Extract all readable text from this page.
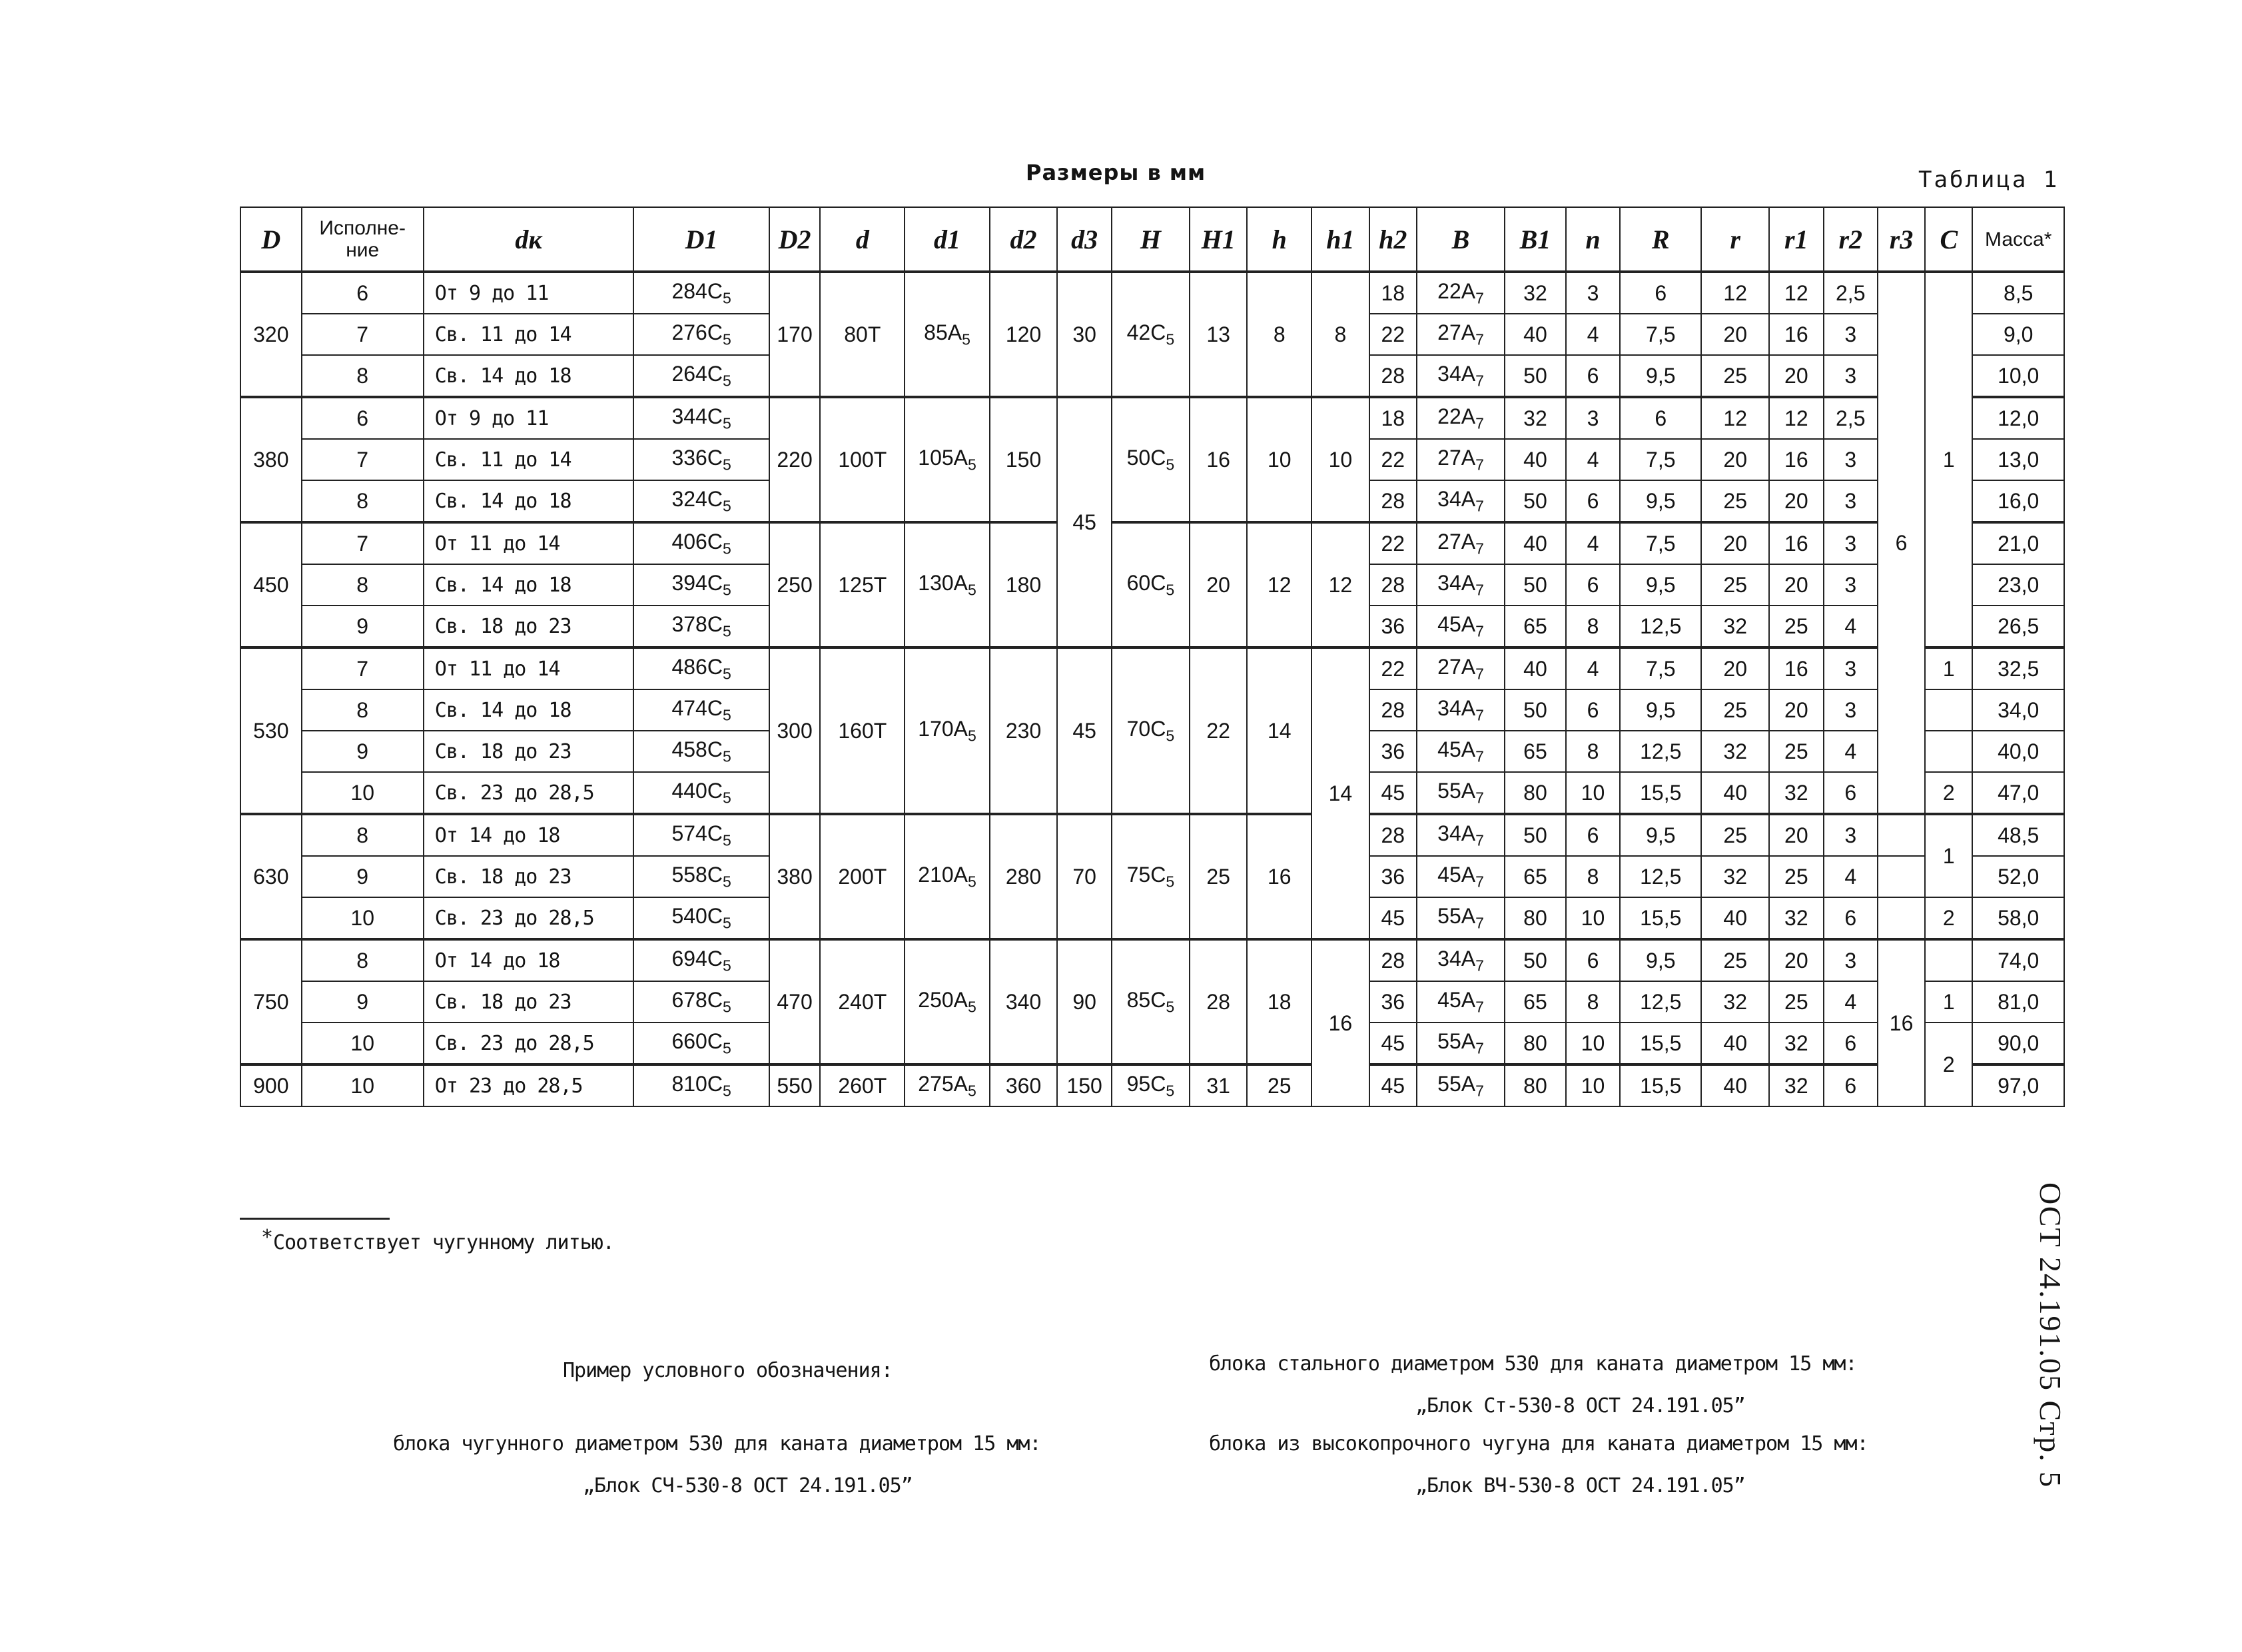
Размеры в мм	Таблица 1
D	Исполне-ние	dк	D1	D2	d	d1	d2	d3	H	H1	h	h1	h2	B	B1	n	R	r	r1	r2	r3	C	Масса*
320	6	От 9 до 11	$284C_5$	170	80Т	$85A_5$	120	30	$42C_5$	13	8	8	18	$22A_7$	32	3	6	12	12	2,5	6	1	8,5
	7	Св. 11 до 14	$276C_5$										22	$27A_7$	40	4	7,5	20	16	3			9,0
	8	Св. 14 до 18	$264C_5$										28	$34A_7$	50	6	9,5	25	20	3			10,0
380	6	От 9 до 11	$344C_5$	220	100Т	$105A_5$	150	45	$50C_5$	16	10	10	18	$22A_7$	32	3	6	12	12	2,5			12,0
	7	Св. 11 до 14	$336C_5$										22	$27A_7$	40	4	7,5	20	16	3			13,0
	8	Св. 14 до 18	$324C_5$										28	$34A_7$	50	6	9,5	25	20	3			16,0
450	7	От 11 до 14	$406C_5$	250	125Т	$130A_5$	180		$60C_5$	20	12	12	22	$27A_7$	40	4	7,5	20	16	3			21,0
	8	Св. 14 до 18	$394C_5$										28	$34A_7$	50	6	9,5	25	20	3			23,0
	9	Св. 18 до 23	$378C_5$										36	$45A_7$	65	8	12,5	32	25	4			26,5
530	7	От 11 до 14	$486C_5$	300	160Т	$170A_5$	230	45	$70C_5$	22	14	14	22	$27A_7$	40	4	7,5	20	16	3		1	32,5
	8	Св. 14 до 18	$474C_5$										28	$34A_7$	50	6	9,5	25	20	3			34,0
	9	Св. 18 до 23	$458C_5$										36	$45A_7$	65	8	12,5	32	25	4			40,0
	10	Св. 23 до 28,5	$440C_5$										45	$55A_7$	80	10	15,5	40	32	6		2	47,0
630	8	От 14 до 18	$574C_5$	380	200Т	$210A_5$	280	70	$75C_5$	25	16		28	$34A_7$	50	6	9,5	25	20	3		1	48,5
	9	Св. 18 до 23	$558C_5$										36	$45A_7$	65	8	12,5	32	25	4			52,0
	10	Св. 23 до 28,5	$540C_5$										45	$55A_7$	80	10	15,5	40	32	6		2	58,0
750	8	От 14 до 18	$694C_5$	470	240Т	$250A_5$	340	90	$85C_5$	28	18	16	28	$34A_7$	50	6	9,5	25	20	3	16		74,0
	9	Св. 18 до 23	$678C_5$										36	$45A_7$	65	8	12,5	32	25	4		1	81,0
	10	Св. 23 до 28,5	$660C_5$										45	$55A_7$	80	10	15,5	40	32	6		2	90,0
900	10	От 23 до 28,5	$810C_5$	550	260Т	$275A_5$	360	150	$95C_5$	31	25		45	$55A_7$	80	10	15,5	40	32	6			97,0
* Соответствует чугунному литью.
Пример условного обозначения:
блока чугунного диаметром 530 для каната диаметром 15 мм:
„Блок СЧ-530-8 ОСТ 24.191.05”
блока стального диаметром 530 для каната диаметром 15 мм:
„Блок Ст-530-8 ОСТ 24.191.05”
блока из высокопрочного чугуна для каната диаметром 15 мм:
„Блок ВЧ-530-8 ОСТ 24.191.05”	ОСТ 24.191.05 Стр. 5
